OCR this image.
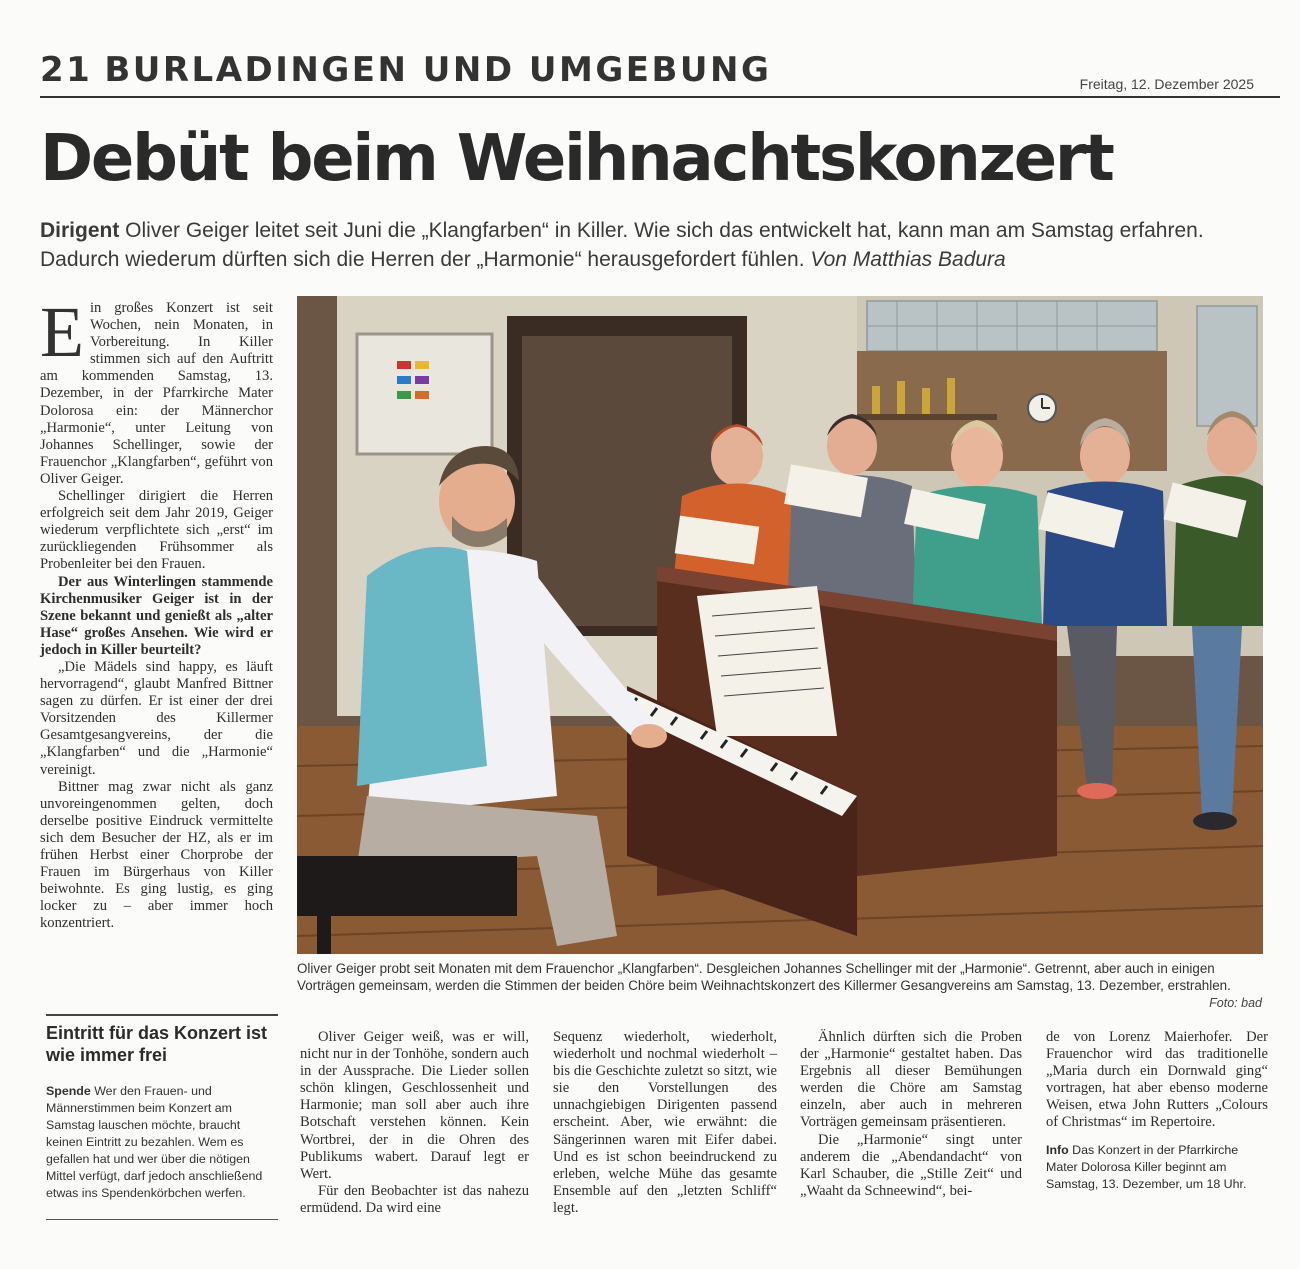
21 BURLADINGEN UND UMGEBUNG	Freitag, 12. Dezember 2025
Debüt beim Weihnachtskonzert
Dirigent Oliver Geiger leitet seit Juni die „Klangfarben“ in Killer. Wie sich das entwickelt hat, kann man am Samstag erfahren. Dadurch wiederum dürften sich die Herren der „Harmonie“ herausgefordert fühlen. Von Matthias Badura

Ein großes Konzert ist seit Wochen, nein Monaten, in Vorbereitung. In Killer stimmen sich auf den Auftritt am kommenden Samstag, 13. Dezember, in der Pfarrkirche Mater Dolorosa ein: der Männerchor „Harmonie“, unter Leitung von Johannes Schellinger, sowie der Frauenchor „Klangfarben“, geführt von Oliver Geiger.

Schellinger dirigiert die Herren erfolgreich seit dem Jahr 2019, Geiger wiederum verpflichtete sich „erst“ im zurückliegenden Frühsommer als Probenleiter bei den Frauen.

Der aus Winterlingen stammende Kirchenmusiker Geiger ist in der Szene bekannt und genießt als „alter Hase“ großes Ansehen. Wie wird er jedoch in Killer beurteilt?

„Die Mädels sind happy, es läuft hervorragend“, glaubt Manfred Bittner sagen zu dürfen. Er ist einer der drei Vorsitzenden des Killermer Gesamtgesangvereins, der die „Klangfarben“ und die „Harmonie“ vereinigt.

Bittner mag zwar nicht als ganz unvoreingenommen gelten, doch derselbe positive Eindruck vermittelte sich dem Besucher der HZ, als er im frühen Herbst einer Chorprobe der Frauen im Bürgerhaus von Killer beiwohnte. Es ging lustig, es ging locker zu – aber immer hoch konzentriert.

Oliver Geiger probt seit Monaten mit dem Frauenchor „Klangfarben“. Desgleichen Johannes Schellinger mit der „Harmonie“. Getrennt, aber auch in einigen Vorträgen gemeinsam, werden die Stimmen der beiden Chöre beim Weihnachtskonzert des Killermer Gesangvereins am Samstag, 13. Dezember, erstrahlen.
Foto: bad
Eintritt für das Konzert ist wie immer frei
Spende Wer den Frauen- und Männerstimmen beim Konzert am Samstag lauschen möchte, braucht keinen Eintritt zu bezahlen. Wem es gefallen hat und wer über die nötigen Mittel verfügt, darf jedoch anschließend etwas ins Spendenkörbchen werfen.

Oliver Geiger weiß, was er will, nicht nur in der Tonhöhe, sondern auch in der Aussprache. Die Lieder sollen schön klingen, Geschlossenheit und Harmonie; man soll aber auch ihre Botschaft verstehen können. Kein Wortbrei, der in die Ohren des Publikums wabert. Darauf legt er Wert.

Für den Beobachter ist das nahezu ermüdend. Da wird eine

Sequenz wiederholt, wiederholt, wiederholt und nochmal wiederholt – bis die Geschichte zuletzt so sitzt, wie sie den Vorstellungen des unnachgiebigen Dirigenten passend erscheint. Aber, wie erwähnt: die Sängerinnen waren mit Eifer dabei. Und es ist schon beeindruckend zu erleben, welche Mühe das gesamte Ensemble auf den „letzten Schliff“ legt.

Ähnlich dürften sich die Proben der „Harmonie“ gestaltet haben. Das Ergebnis all dieser Bemühungen werden die Chöre am Samstag einzeln, aber auch in mehreren Vorträgen gemeinsam präsentieren.

Die „Harmonie“ singt unter anderem die „Abendandacht“ von Karl Schauber, die „Stille Zeit“ und „Waaht da Schneewind“, bei-

de von Lorenz Maierhofer. Der Frauenchor wird das traditionelle „Maria durch ein Dornwald ging“ vortragen, hat aber ebenso moderne Weisen, etwa John Rutters „Colours of Christmas“ im Repertoire.

Info Das Konzert in der Pfarrkirche Mater Dolorosa Killer beginnt am Samstag, 13. Dezember, um 18 Uhr.
